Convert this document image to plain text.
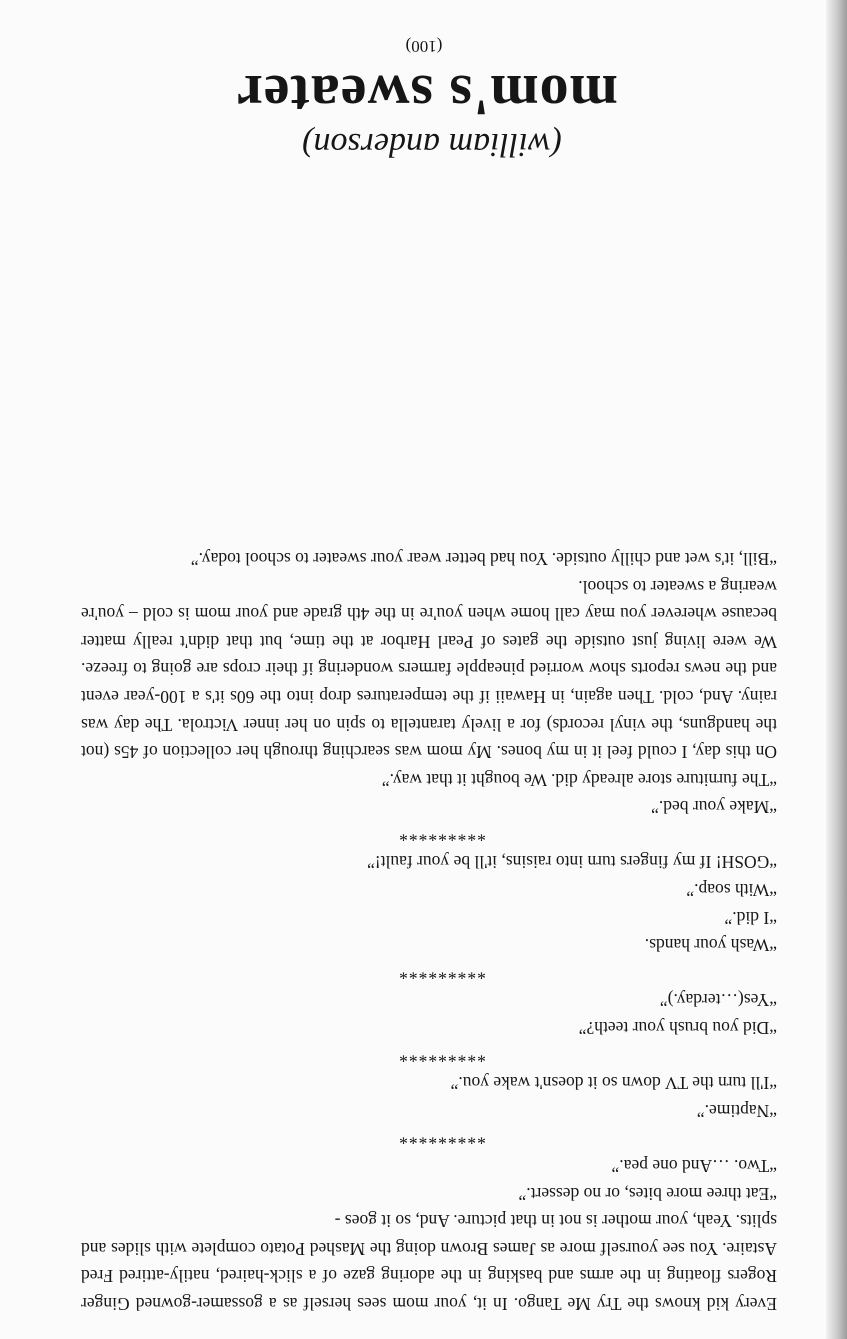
(william anderson)
mom's sweater

Every kid knows the Try Me Tango. In it, your mom sees herself as a gossamer-gowned Ginger Rogers floating in the arms and basking in the adoring gaze of a slick-haired, natily-attired Fred Astaire. You see yourself more as James Brown doing the Mashed Potato complete with slides and splits. Yeah, your mother is not in that picture. And, so it goes -

“Eat three more bites, or no dessert.”

“Two. …And one pea.”

*********

“Naptime.”

“I'll turn the TV down so it doesn't wake you.”

*********

“Did you brush your teeth?”

“Yes(…terday.)”

*********

“Wash your hands.

“I did.”

“With soap.”

“GOSH! If my fingers turn into raisins, it'll be your fault!”

*********

“Make your bed.”

“The furniture store already did. We bought it that way.”

On this day, I could feel it in my bones. My mom was searching through her collection of 45s (not the handguns, the vinyl records) for a lively tarantella to spin on her inner Victrola. The day was rainy. And, cold. Then again, in Hawaii if the temperatures drop into the 60s it's a 100-year event and the news reports show worried pineapple farmers wondering if their crops are going to freeze. We were living just outside the gates of Pearl Harbor at the time, but that didn't really matter because wherever you may call home when you're in the 4th grade and your mom is cold – you're wearing a sweater to school.

“Bill, it's wet and chilly outside. You had better wear your sweater to school today.”

(100)
